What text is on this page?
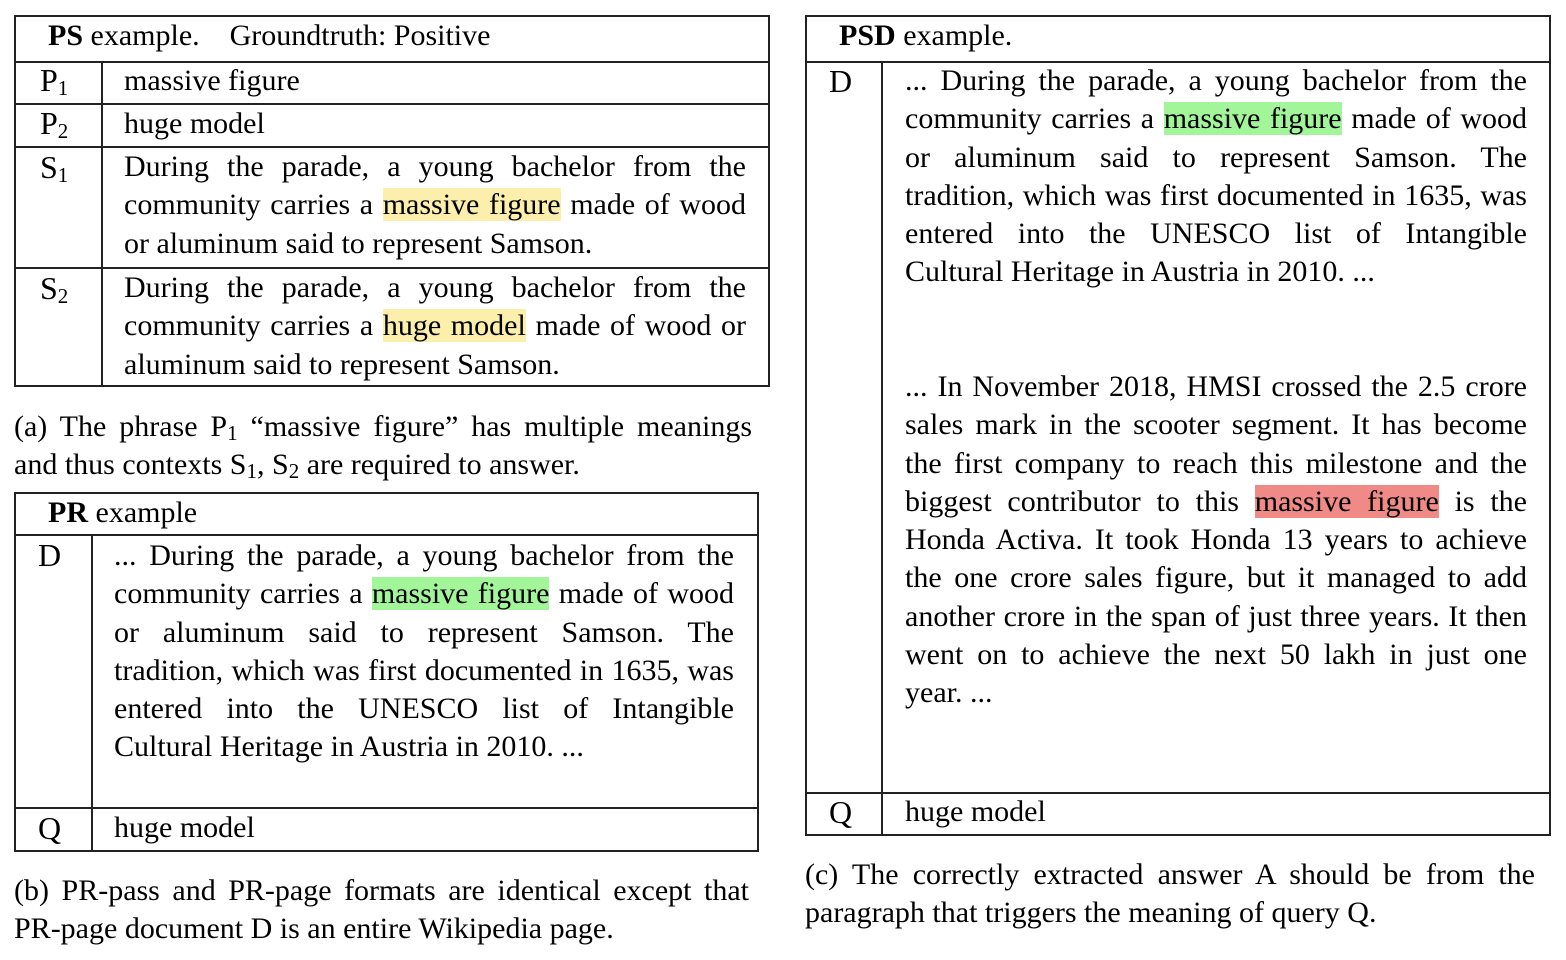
PS example.    Groundtruth: Positive
$P_1$ massive figure
$P_2$ huge model
$S_1$ During the parade, a young bachelor from the community carries a massive figure made of wood or aluminum said to represent Samson.
$S_2$ During the parade, a young bachelor from the community carries a huge model made of wood or aluminum said to represent Samson.
(a) The phrase $P_1$ “massive figure” has multiple meanings and thus contexts $S_1$, $S_2$ are required to answer.
PR example
D ... During the parade, a young bachelor from the community carries a massive figure made of wood or aluminum said to represent Samson. The tradition, which was first documented in 1635, was entered into the UNESCO list of Intangible Cultural Heritage in Austria in 2010. ...
Q huge model
(b) PR-pass and PR-page formats are identical except that PR-page document D is an entire Wikipedia page.
PSD example.
D ... During the parade, a young bachelor from the community carries a massive figure made of wood or aluminum said to represent Samson. The tradition, which was first documented in 1635, was entered into the UNESCO list of Intangible Cultural Heritage in Austria in 2010. ...
... In November 2018, HMSI crossed the 2.5 crore sales mark in the scooter segment. It has become the first company to reach this milestone and the biggest contributor to this massive figure is the Honda Activa. It took Honda 13 years to achieve the one crore sales figure, but it managed to add another crore in the span of just three years. It then went on to achieve the next 50 lakh in just one year. ...
Q huge model
(c) The correctly extracted answer A should be from the paragraph that triggers the meaning of query Q.
